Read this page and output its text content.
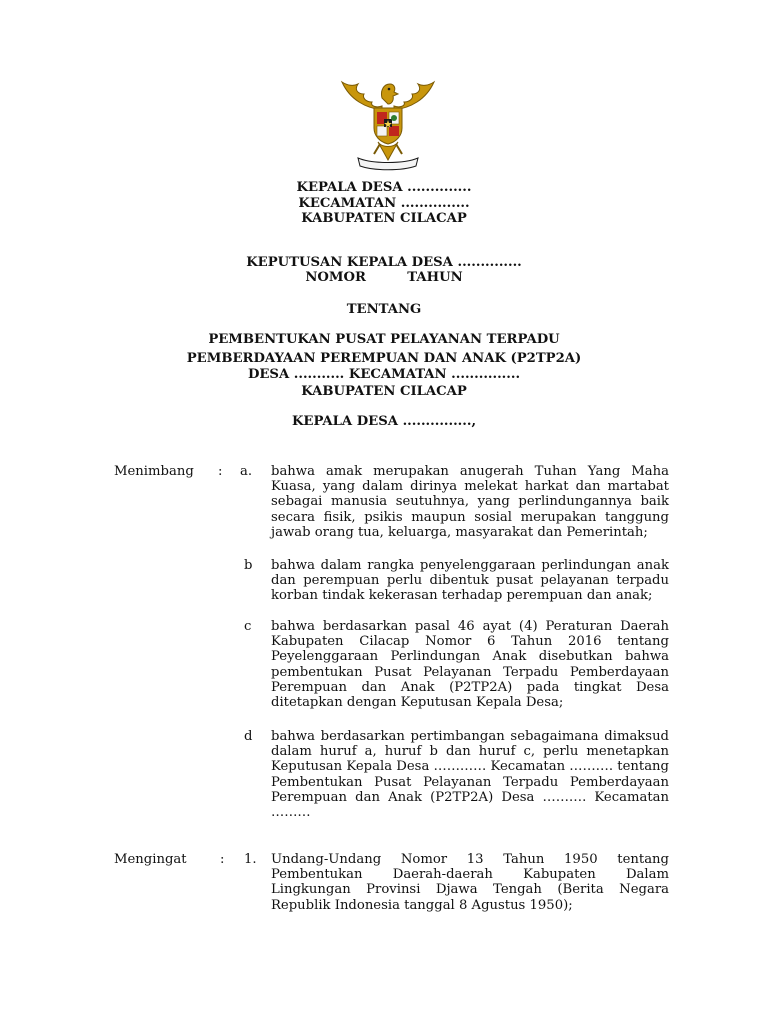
KEPALA DESA ..............
KECAMATAN ...............
KABUPATEN CILACAP
KEPUTUSAN KEPALA DESA ..............
NOMOR         TAHUN
TENTANG
PEMBENTUKAN PUSAT PELAYANAN TERPADU
PEMBERDAYAAN PEREMPUAN DAN ANAK (P2TP2A)
DESA ........... KECAMATAN ...............
KABUPATEN CILACAP
KEPALA DESA ...............,
Menimbang : a. bahwa amak merupakan anugerah Tuhan Yang Maha Kuasa, yang dalam dirinya melekat harkat dan martabat sebagai manusia seutuhnya, yang perlindungannya baik secara fisik, psikis maupun sosial merupakan tanggung jawab orang tua, keluarga, masyarakat dan Pemerintah;
b bahwa dalam rangka penyelenggaraan perlindungan anak dan perempuan perlu dibentuk pusat pelayanan terpadu korban tindak kekerasan terhadap perempuan dan anak;
c bahwa berdasarkan pasal 46 ayat (4) Peraturan Daerah Kabupaten Cilacap Nomor 6 Tahun 2016 tentang Peyelenggaraan Perlindungan Anak disebutkan bahwa pembentukan Pusat Pelayanan Terpadu Pemberdayaan Perempuan dan Anak (P2TP2A) pada tingkat Desa ditetapkan dengan Keputusan Kepala Desa;
d bahwa berdasarkan pertimbangan sebagaimana dimaksud dalam huruf a, huruf b dan huruf c, perlu menetapkan Keputusan Kepala Desa ………… Kecamatan ………. tentang Pembentukan Pusat Pelayanan Terpadu Pemberdayaan Perempuan dan Anak (P2TP2A) Desa ………. Kecamatan ………
Mengingat	: 1. Undang-Undang Nomor 13 Tahun 1950 tentang Pembentukan Daerah-daerah Kabupaten Dalam Lingkungan Provinsi Djawa Tengah (Berita Negara Republik Indonesia tanggal 8 Agustus 1950);
